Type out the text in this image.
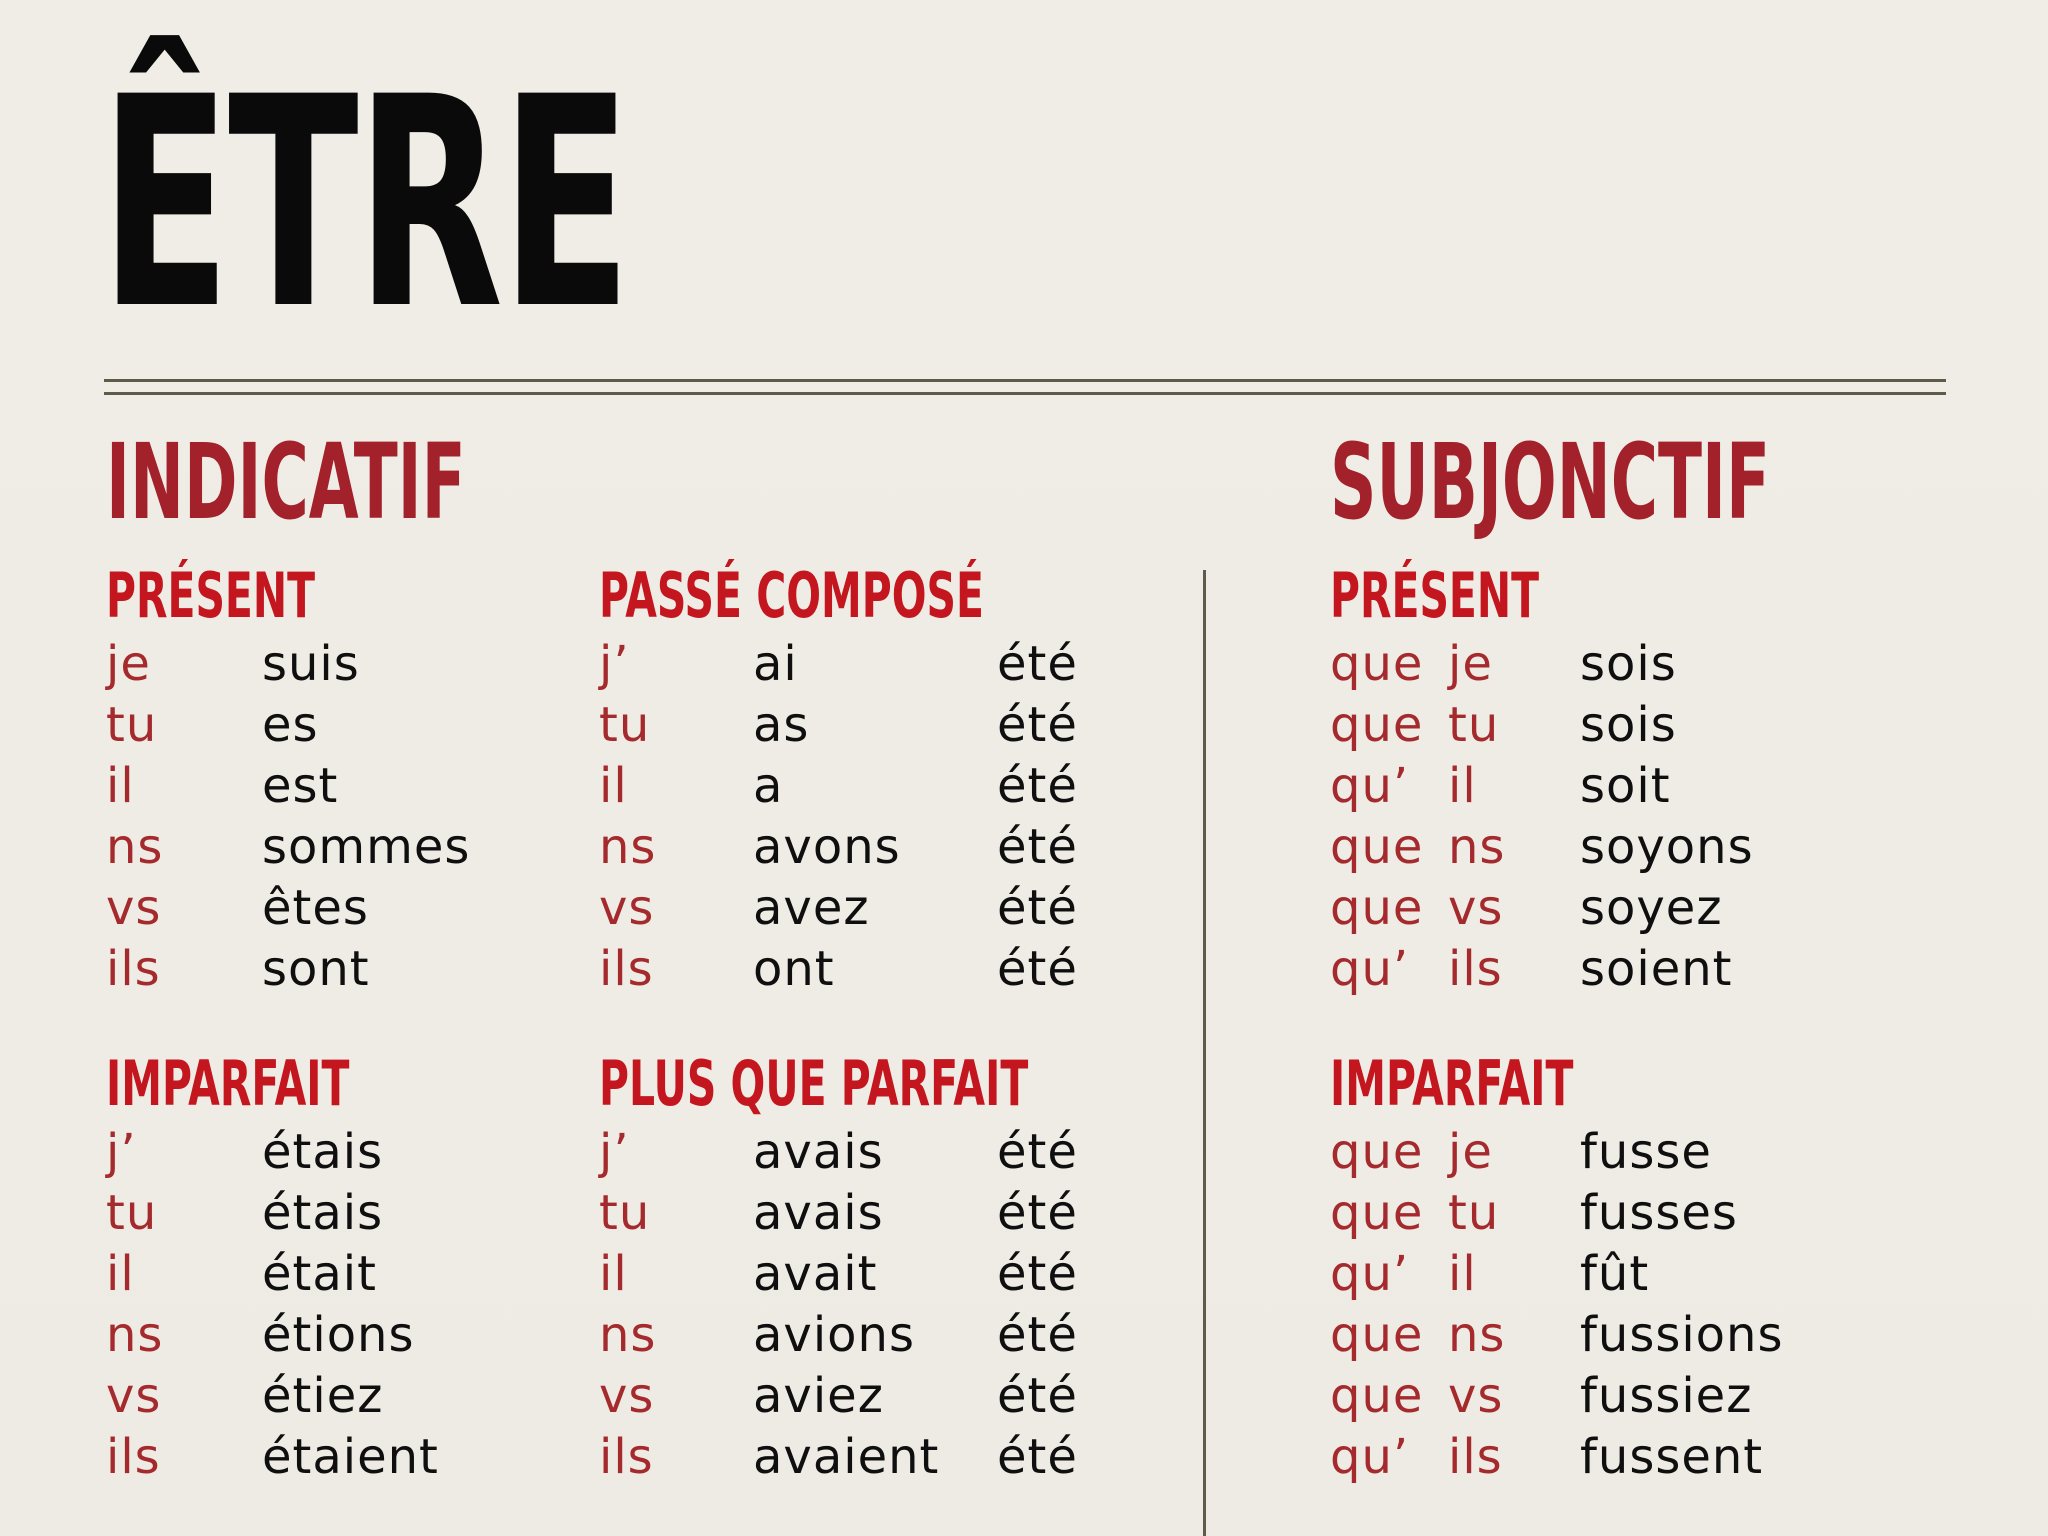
ÊTRE
INDICATIF	SUBJONCTIF
PRÉSENT
je suis
tu es
il	est
ns sommes
vs êtes
ils sont
PASSÉ COMPOSÉ
j’	ai	été
tu as	été
il	a	été
ns avons été
vs avez	été
ils ont	été
IMPARFAIT
j’	étais
tu étais
il	était
ns étions
vs étiez
ils étaient
PLUS QUE PARFAIT
j’	avais été
tu avais été
il	avait été
ns avions été
vs aviez été
ils avaient été
PRÉSENT
que je sois
que tu sois
qu’ il soit
que ns soyons
que vs soyez
qu’ ils soient
IMPARFAIT
que je fusse
que tu fusses
qu’ il fût
que ns fussions
que vs fussiez
qu’ ils fussent
